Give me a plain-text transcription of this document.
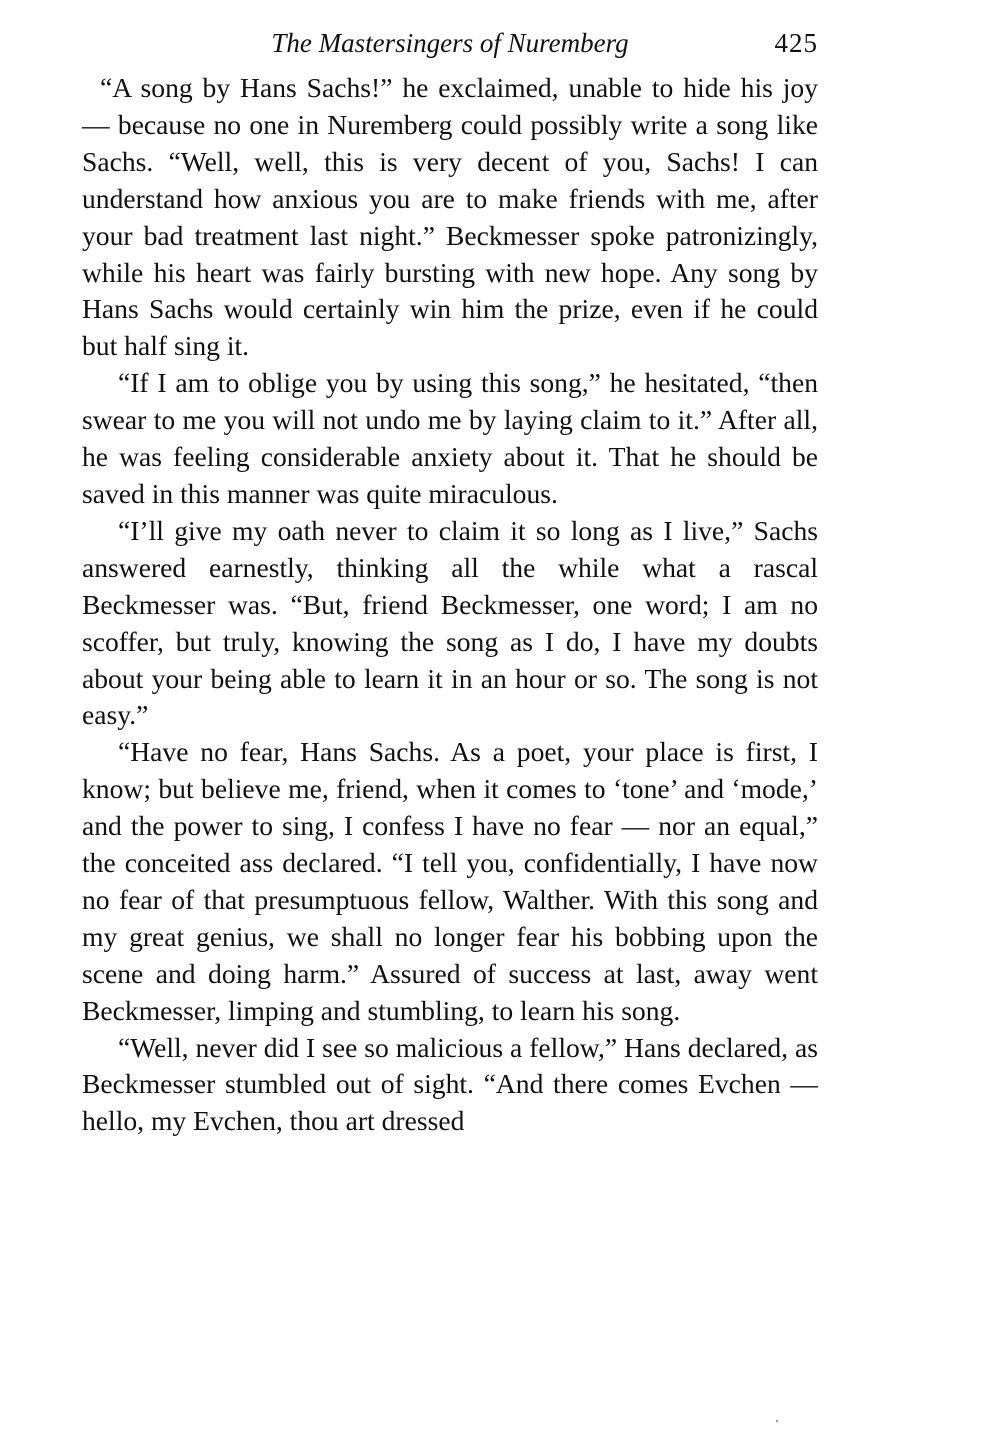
The Mastersingers of Nuremberg	425

“A song by Hans Sachs!” he exclaimed, unable to hide his joy — because no one in Nuremberg could possibly write a song like Sachs. “Well, well, this is very decent of you, Sachs! I can understand how anxious you are to make friends with me, after your bad treatment last night.” Beckmesser spoke patronizingly, while his heart was fairly bursting with new hope. Any song by Hans Sachs would certainly win him the prize, even if he could but half sing it.

“If I am to oblige you by using this song,” he hesitated, “then swear to me you will not undo me by laying claim to it.” After all, he was feeling considerable anxiety about it. That he should be saved in this manner was quite miraculous.

“I’ll give my oath never to claim it so long as I live,” Sachs answered earnestly, thinking all the while what a rascal Beckmesser was. “But, friend Beckmesser, one word; I am no scoffer, but truly, knowing the song as I do, I have my doubts about your being able to learn it in an hour or so. The song is not easy.”

“Have no fear, Hans Sachs. As a poet, your place is first, I know; but believe me, friend, when it comes to ‘tone’ and ‘mode,’ and the power to sing, I confess I have no fear — nor an equal,” the conceited ass declared. “I tell you, confidentially, I have now no fear of that presumptuous fellow, Walther. With this song and my great genius, we shall no longer fear his bobbing upon the scene and doing harm.” Assured of success at last, away went Beckmesser, limping and stumbling, to learn his song.

“Well, never did I see so malicious a fellow,” Hans declared, as Beckmesser stumbled out of sight. “And there comes Evchen — hello, my Evchen, thou art dressed
